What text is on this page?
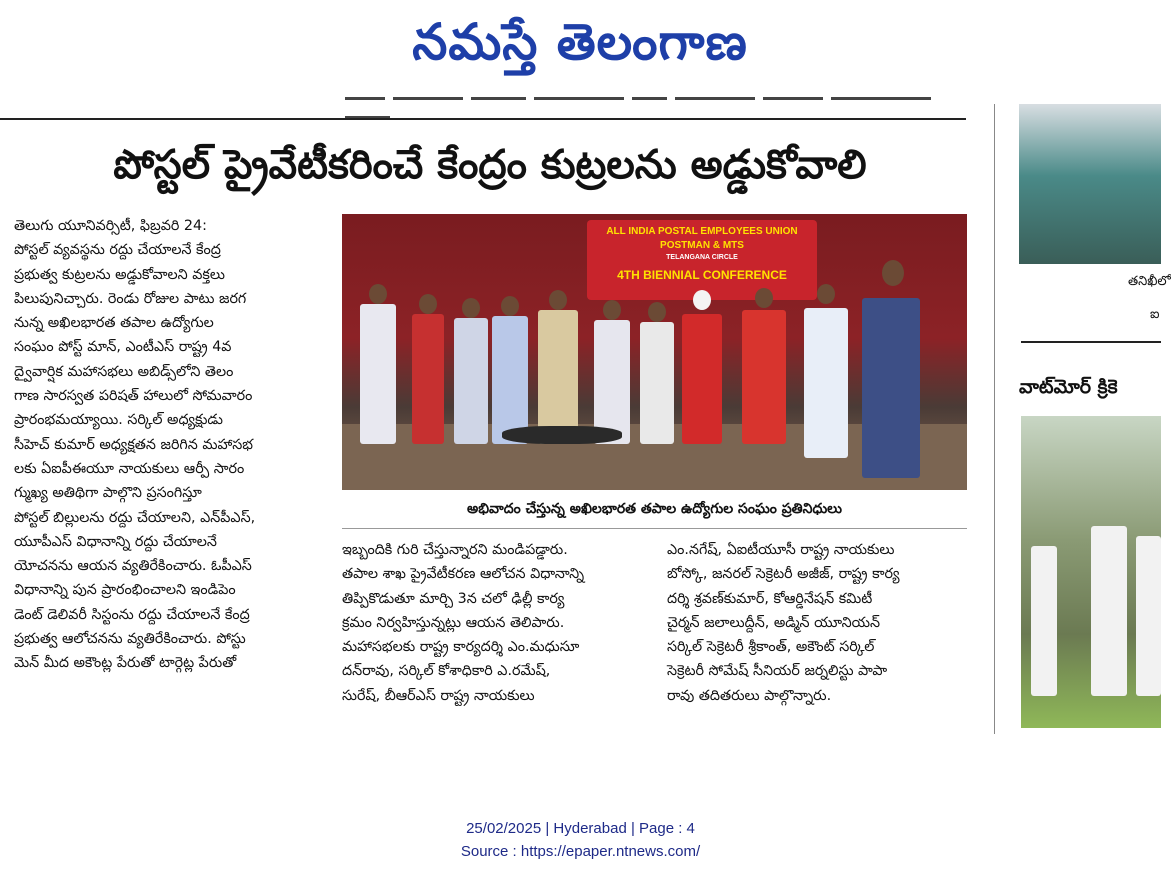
నమస్తే తెలంగాణ
పోస్టల్ ప్రైవేటీకరించే కేంద్రం కుట్రలను అడ్డుకోవాలి

తెలుగు యూనివర్సిటీ, ఫిబ్రవరి 24:

పోస్టల్ వ్యవస్థను రద్దు చేయాలనే కేంద్ర

ప్రభుత్వ కుట్రలను అడ్డుకోవాలని వక్తలు

పిలుపునిచ్చారు. రెండు రోజుల పాటు జరగ

నున్న అఖిలభారత తపాల ఉద్యోగుల

సంఘం పోస్ట్ మాన్, ఎంటీఎస్ రాష్ట్ర 4వ

ద్వైవార్షిక మహాసభలు అబిడ్స్‌లోని తెలం

గాణ సారస్వత పరిషత్ హాలులో సోమవారం

ప్రారంభమయ్యాయి. సర్కిల్ అధ్యక్షుడు

సీహెచ్ కుమార్ అధ్యక్షతన జరిగిన మహాసభ

లకు ఏఐపీఈయూ నాయకులు ఆర్పీ సారం

గ్ముఖ్య అతిథిగా పాల్గొని ప్రసంగిస్తూ

పోస్టల్ బిల్లులను రద్దు చేయాలని, ఎన్‌పీఎస్,

యూపీఎస్ విధానాన్ని రద్దు చేయాలనే

యోచనను ఆయన వ్యతిరేకించారు. ఓపీఎస్

విధానాన్ని పున ప్రారంభించాలని ఇండిపెం

డెంట్ డెలివరీ సిస్టంను రద్దు చేయాలనే కేంద్ర

ప్రభుత్వ ఆలోచనను వ్యతిరేకించారు. పోస్టు

మెన్ మీద అకౌంట్ల పేరుతో టార్గెట్ల పేరుతో

ALL INDIA POSTAL EMPLOYEES UNION
POSTMAN & MTS
TELANGANA CIRCLE
4TH BIENNIAL CONFERENCE
అభివాదం చేస్తున్న అఖిలభారత తపాల ఉద్యోగుల సంఘం ప్రతినిధులు

ఇబ్బందికి గురి చేస్తున్నారని మండిపడ్డారు.

తపాల శాఖ ప్రైవేటీకరణ ఆలోచన విధానాన్ని

తిప్పికొడుతూ మార్చి 3న చలో ఢిల్లీ కార్య

క్రమం నిర్వహిస్తున్నట్లు ఆయన తెలిపారు.

మహాసభలకు రాష్ట్ర కార్యదర్శి ఎం.మధుసూ

దన్‌రావు, సర్కిల్ కోశాధికారి ఎ.రమేష్,

సురేష్, బీఆర్ఎస్ రాష్ట్ర నాయకులు

ఎం.నగేష్, ఏఐటీయూసీ రాష్ట్ర నాయకులు

బోస్కో, జనరల్ సెక్రెటరీ అజీజ్, రాష్ట్ర కార్య

దర్శి శ్రవణ్‌కుమార్, కోఆర్డినేషన్ కమిటీ

చైర్మన్ జలాలుద్దీన్, అడ్మిన్ యూనియన్

సర్కిల్ సెక్రెటరీ శ్రీకాంత్, అకౌంట్ సర్కిల్

సెక్రెటరీ సోమేష్ సీనియర్ జర్నలిస్టు పాపా

రావు తదితరులు పాల్గొన్నారు.

తనిఖీలో
ఐ
వాట్‌మోర్ క్రికె
25/02/2025 | Hyderabad | Page : 4
Source : https://epaper.ntnews.com/
